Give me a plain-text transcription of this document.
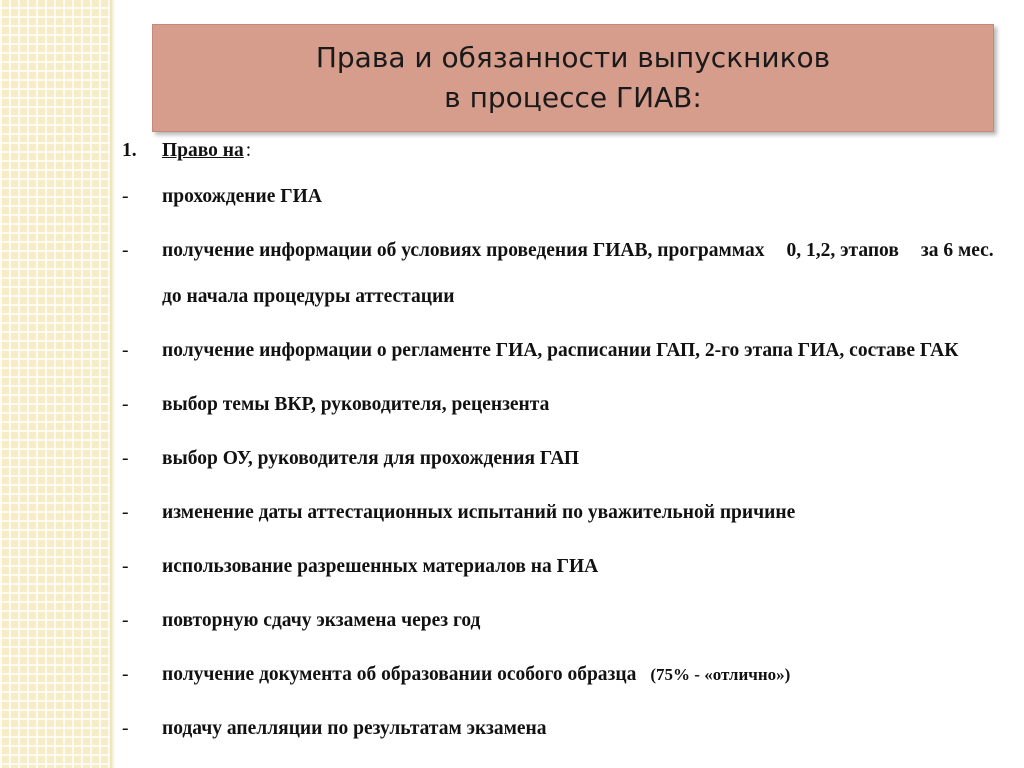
Права и обязанности выпускников
в процессе ГИАВ:
1.	Право на :
-	прохождение ГИА
-	получение информации об условиях проведения ГИАВ, программах 0, 1,2, этапов за 6 мес. до начала процедуры аттестации
-	получение информации о регламенте ГИА, расписании ГАП, 2-го этапа ГИА, составе ГАК
-	выбор темы ВКР, руководителя, рецензента
-	выбор ОУ, руководителя для прохождения ГАП
-	изменение даты аттестационных испытаний по уважительной причине
-	использование разрешенных материалов на ГИА
-	повторную сдачу экзамена через год
-	получение документа об образовании особого образца (75% - «отлично»)
-	подачу апелляции по результатам экзамена
